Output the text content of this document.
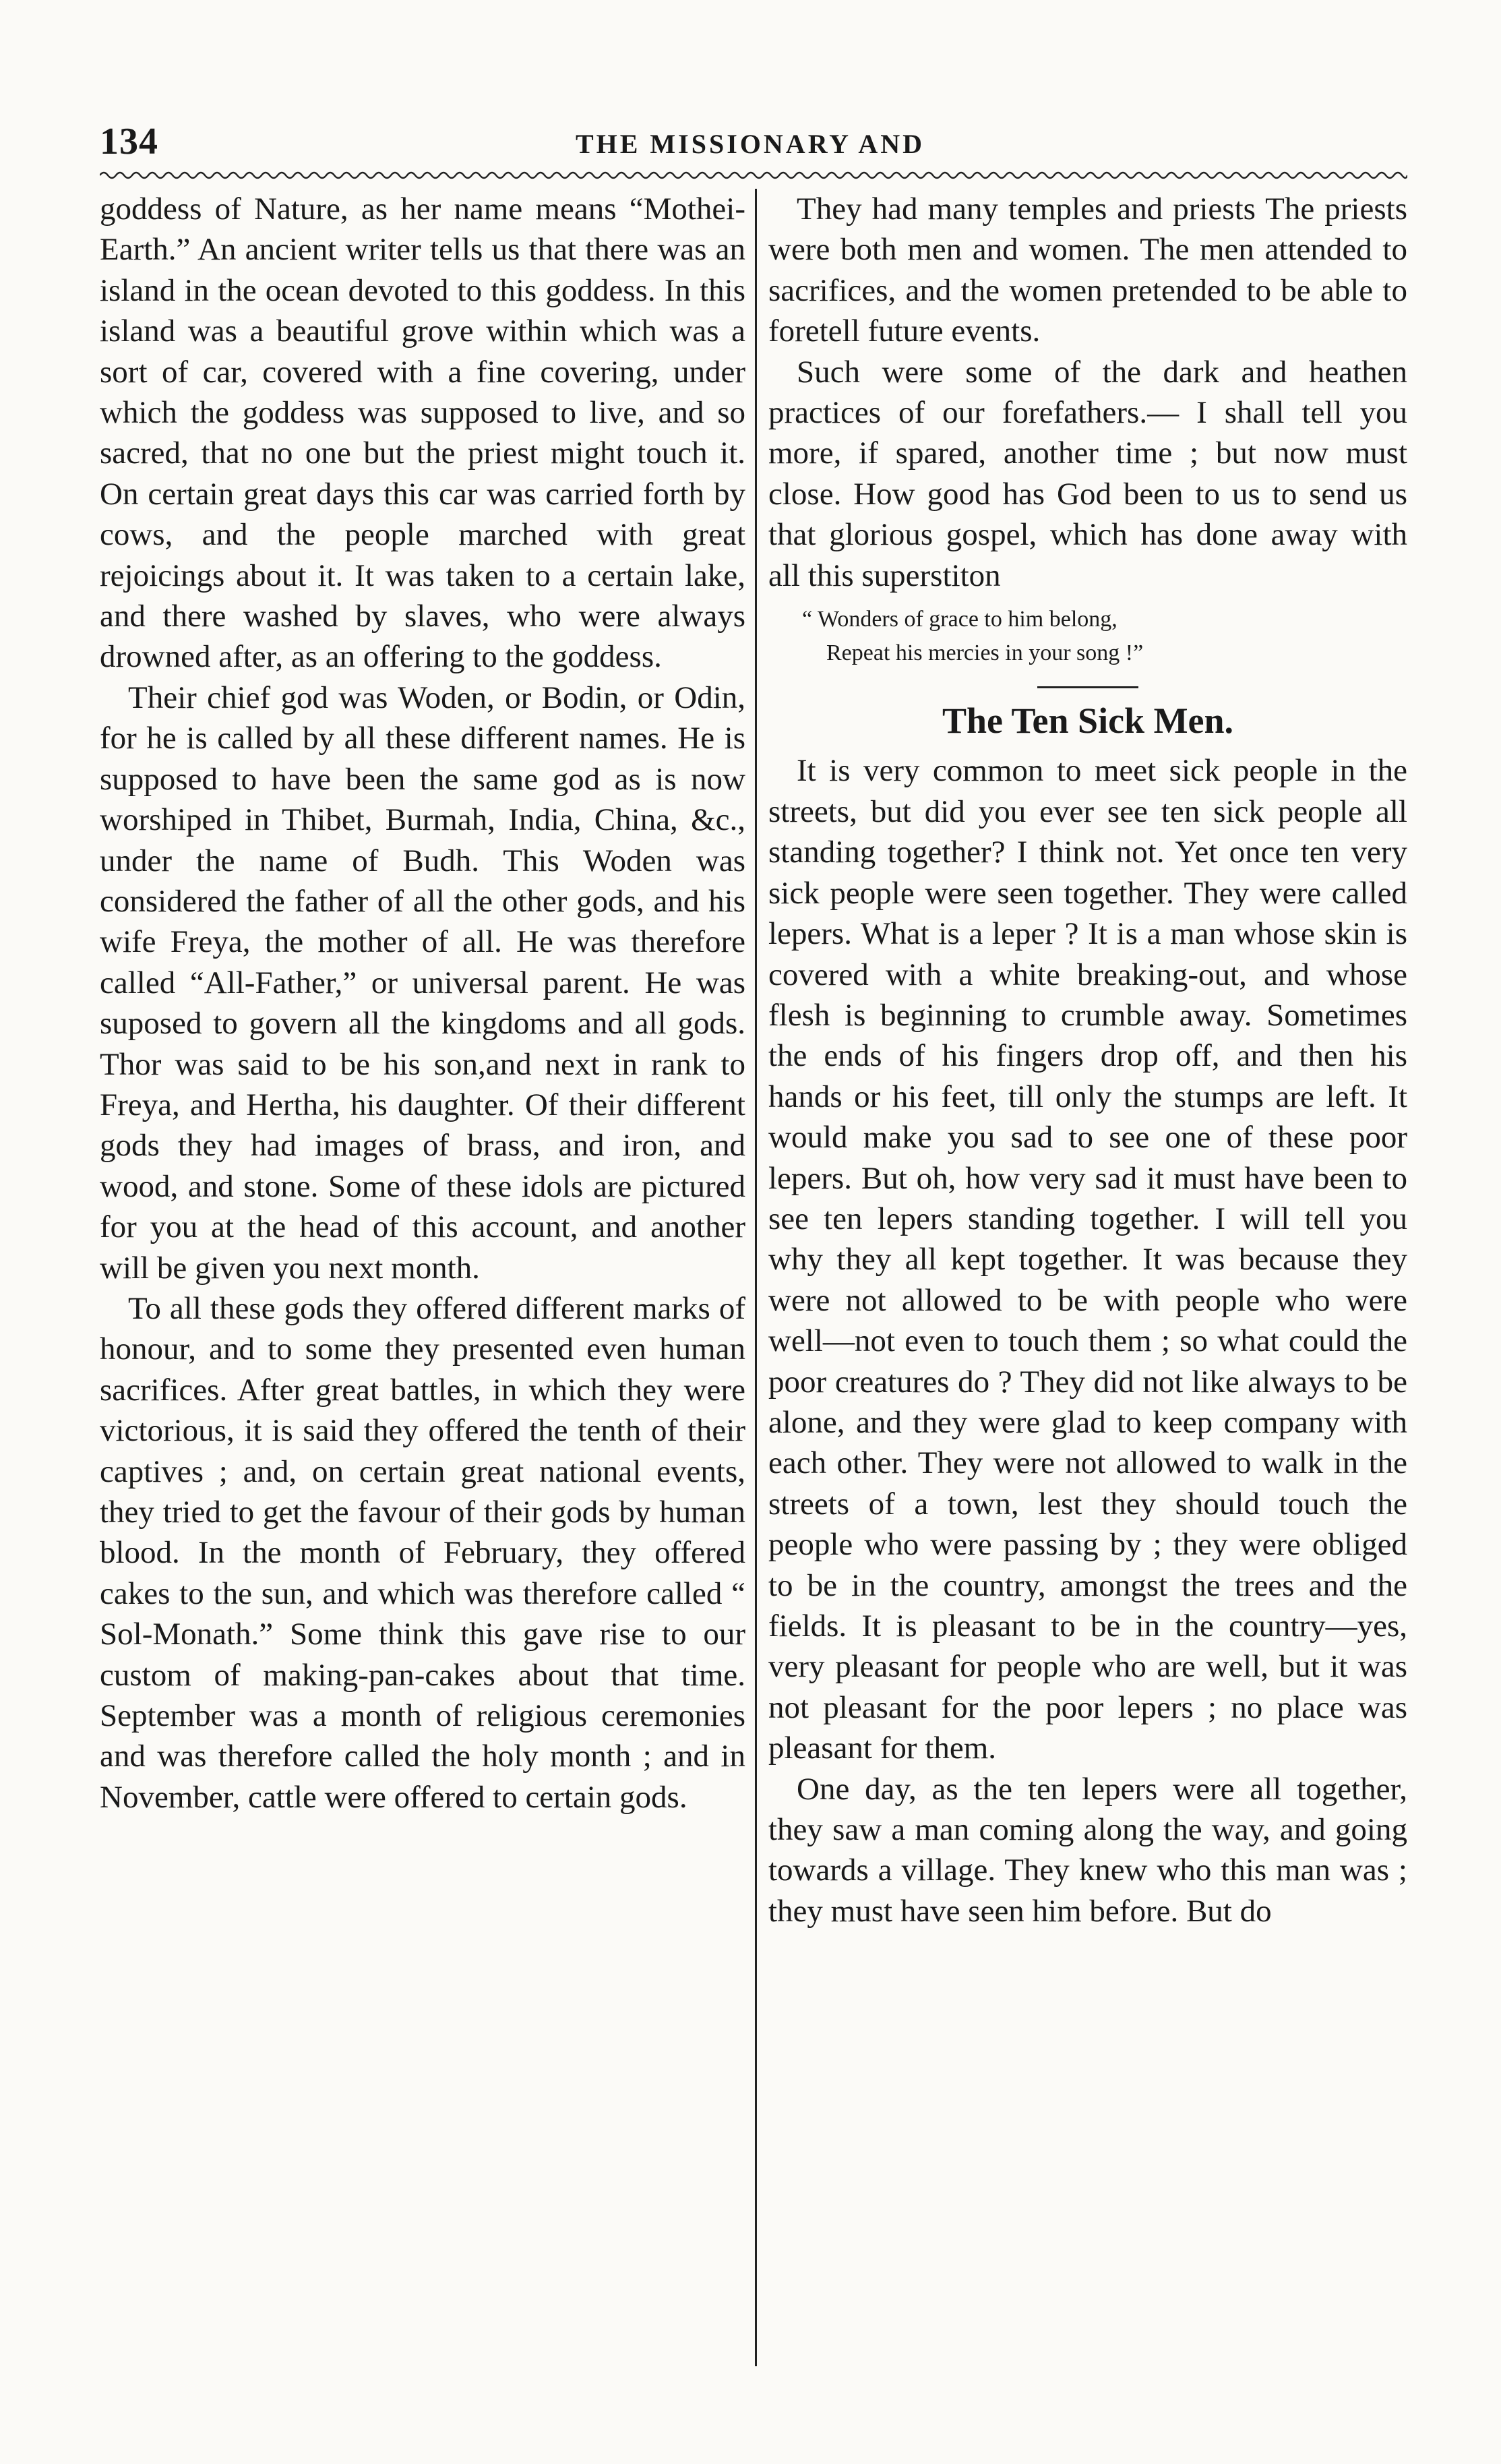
134	THE MISSIONARY AND

goddess of Nature, as her name means “Mothei-Earth.” An ancient writer tells us that there was an island in the ocean devoted to this goddess. In this island was a beautiful grove within which was a sort of car, covered with a fine covering, under which the goddess was supposed to live, and so sacred, that no one but the priest might touch it. On certain great days this car was carried forth by cows, and the people marched with great rejoicings about it. It was taken to a certain lake, and there washed by slaves, who were always drowned after, as an offering to the goddess.

Their chief god was Woden, or Bodin, or Odin, for he is called by all these different names. He is supposed to have been the same god as is now worshiped in Thibet, Burmah, India, China, &c., under the name of Budh. This Woden was considered the father of all the other gods, and his wife Freya, the mother of all. He was therefore called “All-Father,” or universal parent. He was suposed to govern all the kingdoms and all gods. Thor was said to be his son,and next in rank to Freya, and Hertha, his daughter. Of their different gods they had images of brass, and iron, and wood, and stone. Some of these idols are pictured for you at the head of this account, and another will be given you next month.

To all these gods they offered different marks of honour, and to some they presented even human sacrifices. After great battles, in which they were victorious, it is said they offered the tenth of their captives ; and, on certain great national events, they tried to get the favour of their gods by human blood. In the month of February, they offered cakes to the sun, and which was therefore called “ Sol-Monath.” Some think this gave rise to our custom of making-pan-cakes about that time. September was a month of religious ceremonies and was therefore called the holy month ; and in November, cattle were offered to certain gods.

They had many temples and priests The priests were both men and women. The men attended to sacrifices, and the women pretended to be able to foretell future events.

Such were some of the dark and heathen practices of our forefathers.— I shall tell you more, if spared, another time ; but now must close. How good has God been to us to send us that glorious gospel, which has done away with all this superstiton

“ Wonders of grace to him belong,
Repeat his mercies in your song !”

The Ten Sick Men.

It is very common to meet sick people in the streets, but did you ever see ten sick people all standing together? I think not. Yet once ten very sick people were seen together. They were called lepers. What is a leper ? It is a man whose skin is covered with a white breaking-out, and whose flesh is beginning to crumble away. Sometimes the ends of his fingers drop off, and then his hands or his feet, till only the stumps are left. It would make you sad to see one of these poor lepers. But oh, how very sad it must have been to see ten lepers standing together. I will tell you why they all kept together. It was because they were not allowed to be with people who were well—not even to touch them ; so what could the poor creatures do ? They did not like always to be alone, and they were glad to keep company with each other. They were not allowed to walk in the streets of a town, lest they should touch the people who were passing by ; they were obliged to be in the country, amongst the trees and the fields. It is pleasant to be in the country—yes, very pleasant for people who are well, but it was not pleasant for the poor lepers ; no place was pleasant for them.

One day, as the ten lepers were all together, they saw a man coming along the way, and going towards a village. They knew who this man was ; they must have seen him before. But do
